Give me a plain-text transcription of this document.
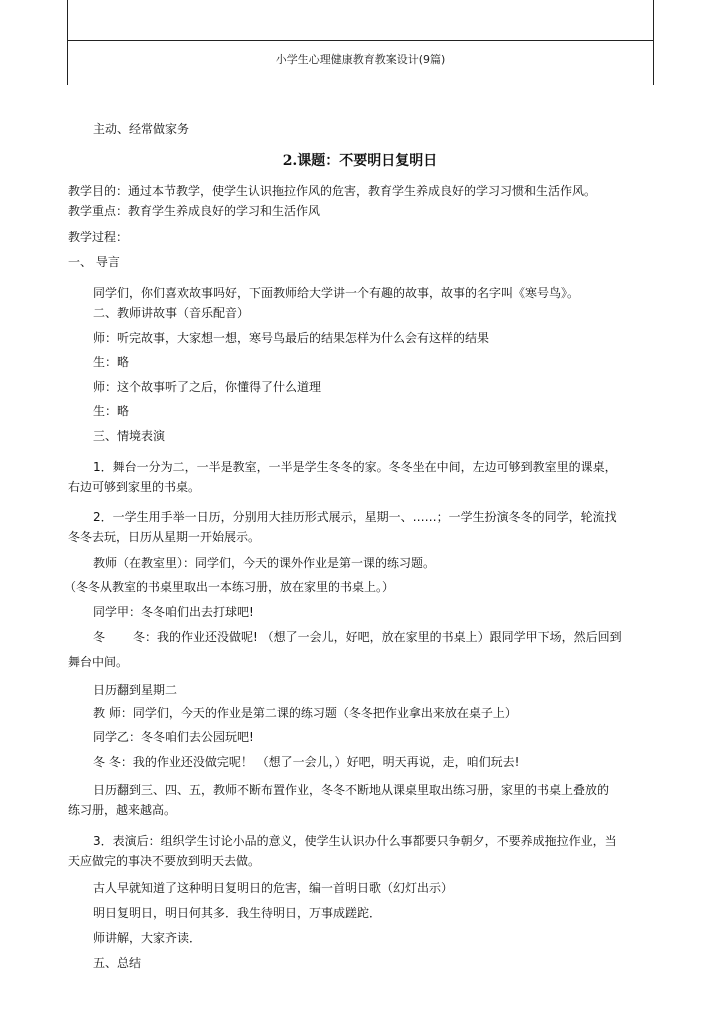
小学生心理健康教育教案设计(9篇)
主动、经常做家务
2.课题：不要明日复明日
教学目的：通过本节教学，使学生认识拖拉作风的危害，教育学生养成良好的学习习惯和生活作风。
教学重点：教育学生养成良好的学习和生活作风
教学过程：
一、 导言
同学们，你们喜欢故事吗好，下面教师给大学讲一个有趣的故事，故事的名字叫《寒号鸟》。
二、教师讲故事（音乐配音）
师：听完故事，大家想一想，寒号鸟最后的结果怎样为什么会有这样的结果
生：略
师：这个故事听了之后，你懂得了什么道理
生：略
三、情境表演
1．舞台一分为二，一半是教室，一半是学生冬冬的家。冬冬坐在中间，左边可够到教室里的课桌，
右边可够到家里的书桌。
2．一学生用手举一日历，分别用大挂历形式展示，星期一、……；一学生扮演冬冬的同学，轮流找
冬冬去玩，日历从星期一开始展示。
教师（在教室里）：同学们，今天的课外作业是第一课的练习题。
（冬冬从教室的书桌里取出一本练习册，放在家里的书桌上。）
同学甲：冬冬咱们出去打球吧!
冬 冬：我的作业还没做呢! （想了一会儿，好吧，放在家里的书桌上）跟同学甲下场，然后回到
舞台中间。
日历翻到星期二
教 师：同学们，今天的作业是第二课的练习题（冬冬把作业拿出来放在桌子上）
同学乙：冬冬咱们去公园玩吧!
冬 冬：我的作业还没做完呢！ （想了一会儿，）好吧，明天再说，走，咱们玩去!
日历翻到三、四、五，教师不断布置作业，冬冬不断地从课桌里取出练习册，家里的书桌上叠放的
练习册，越来越高。
3．表演后：组织学生讨论小品的意义，使学生认识办什么事都要只争朝夕，不要养成拖拉作业，当
天应做完的事决不要放到明天去做。
古人早就知道了这种明日复明日的危害，编一首明日歌（幻灯出示）
明日复明日，明日何其多．我生待明日，万事成蹉跎．
师讲解，大家齐读．
五、总结
